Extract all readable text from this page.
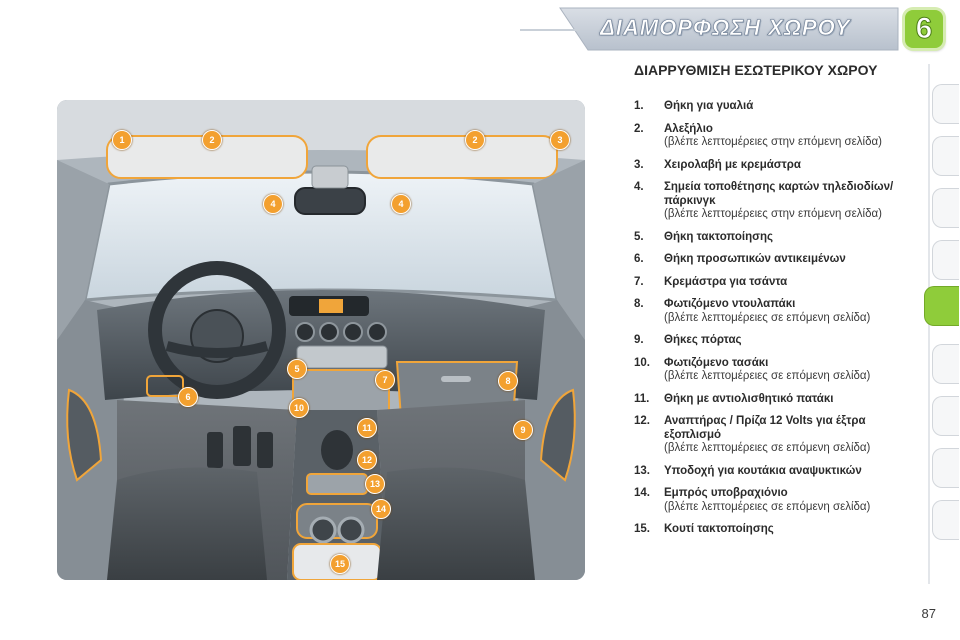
ΔΙΑΜΟΡΦΩΣΗ ΧΩΡΟΥ	6
1	2	2	3
4	4
5
6
7	8
9
10
11
12
13
14
15
ΔΙΑΡΡΥΘΜΙΣΗ ΕΣΩΤΕΡΙΚΟΥ ΧΩΡΟΥ
1. Θήκη για γυαλιά
2. Αλεξήλιο
(βλέπε λεπτομέρειες στην επόμενη σελίδα)
3. Χειρολαβή με κρεμάστρα
4. Σημεία τοποθέτησης καρτών τηλεδιοδίων/πάρκινγκ
(βλέπε λεπτομέρειες στην επόμενη σελίδα)
5. Θήκη τακτοποίησης
6. Θήκη προσωπικών αντικειμένων
7. Κρεμάστρα για τσάντα
8. Φωτιζόμενο ντουλαπάκι
(βλέπε λεπτομέρειες σε επόμενη σελίδα)
9. Θήκες πόρτας
10. Φωτιζόμενο τασάκι
(βλέπε λεπτομέρειες σε επόμενη σελίδα)
11. Θήκη με αντιολισθητικό πατάκι
12. Αναπτήρας / Πρίζα 12 Volts για έξτρα εξοπλισμό
(βλέπε λεπτομέρειες σε επόμενη σελίδα)
13. Υποδοχή για κουτάκια αναψυκτικών
14. Εμπρός υποβραχιόνιο
(βλέπε λεπτομέρειες σε επόμενη σελίδα)
15. Κουτί τακτοποίησης
87
